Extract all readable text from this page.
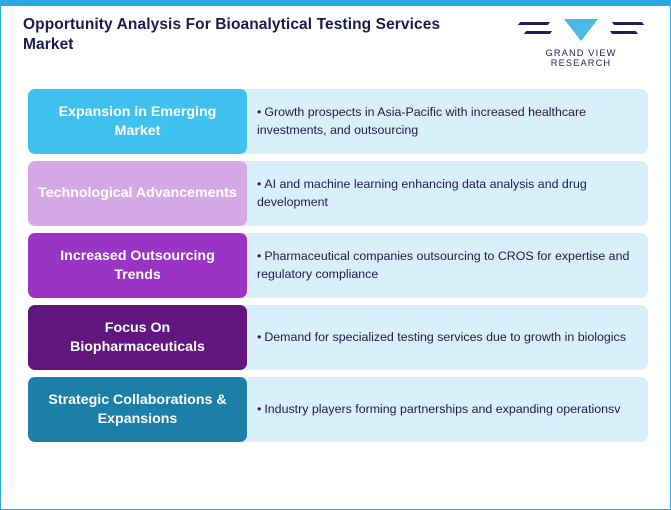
Opportunity Analysis For Bioanalytical Testing Services Market	GRAND VIEW RESEARCH
Expansion in Emerging Market
• Growth prospects in Asia-Pacific with increased healthcare investments, and outsourcing
Technological Advancements
• AI and machine learning enhancing data analysis and drug development
Increased Outsourcing Trends
• Pharmaceutical companies outsourcing to CROS for expertise and regulatory compliance
Focus On Biopharmaceuticals
• Demand for specialized testing services due to growth in biologics
Strategic Collaborations & Expansions
• Industry players forming partnerships and expanding operationsv
